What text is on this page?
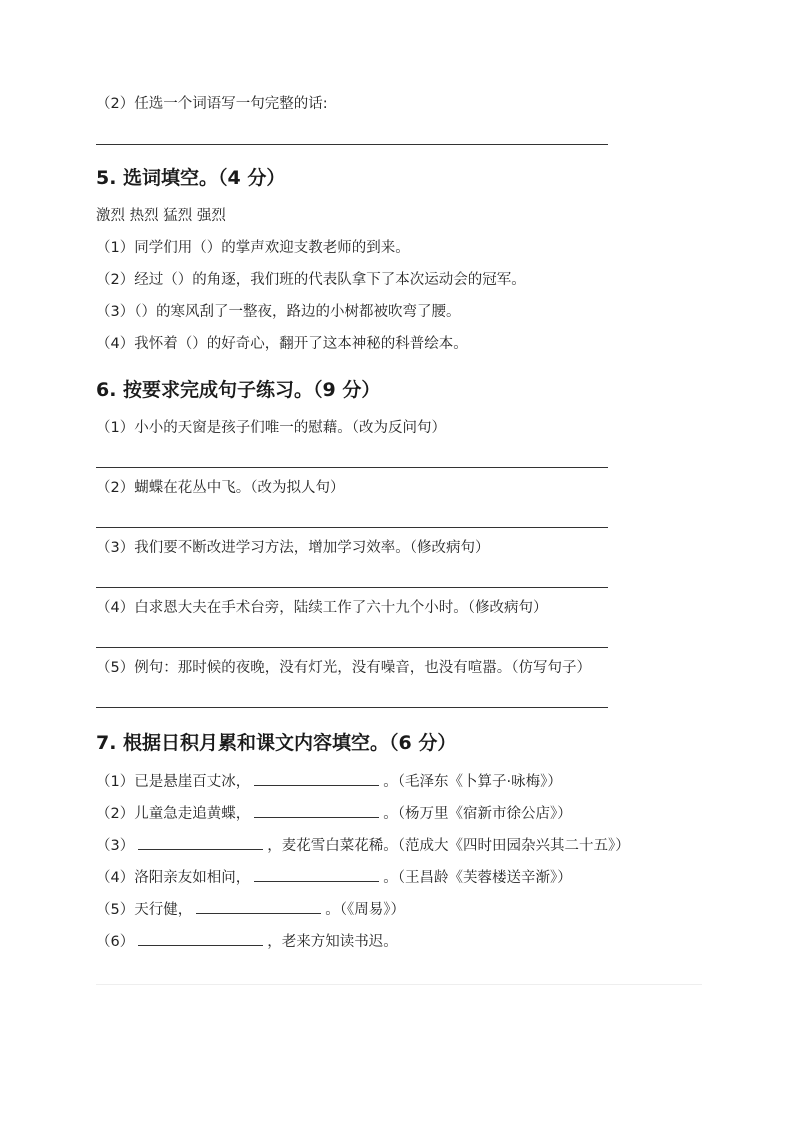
（2）任选一个词语写一句完整的话:
5. 选词填空。（4 分）
激烈 热烈 猛烈 强烈
（1）同学们用（）的掌声欢迎支教老师的到来。
（2）经过（）的角逐，我们班的代表队拿下了本次运动会的冠军。
（3）（）的寒风刮了一整夜，路边的小树都被吹弯了腰。
（4）我怀着（）的好奇心，翻开了这本神秘的科普绘本。
6. 按要求完成句子练习。（9 分）
（1）小小的天窗是孩子们唯一的慰藉。（改为反问句）
（2）蝴蝶在花丛中飞。（改为拟人句）
（3）我们要不断改进学习方法，增加学习效率。（修改病句）
（4）白求恩大夫在手术台旁，陆续工作了六十九个小时。（修改病句）
（5）例句：那时候的夜晚，没有灯光，没有噪音，也没有喧嚣。（仿写句子）
7. 根据日积月累和课文内容填空。（6 分）
（1）已是悬崖百丈冰，	。（毛泽东《卜算子·咏梅》）
（2）儿童急走追黄蝶，	。（杨万里《宿新市徐公店》）
（3）	，麦花雪白菜花稀。（范成大《四时田园杂兴其二十五》）
（4）洛阳亲友如相问，	。（王昌龄《芙蓉楼送辛渐》）
（5）天行健，	。（《周易》）
（6）	，老来方知读书迟。
